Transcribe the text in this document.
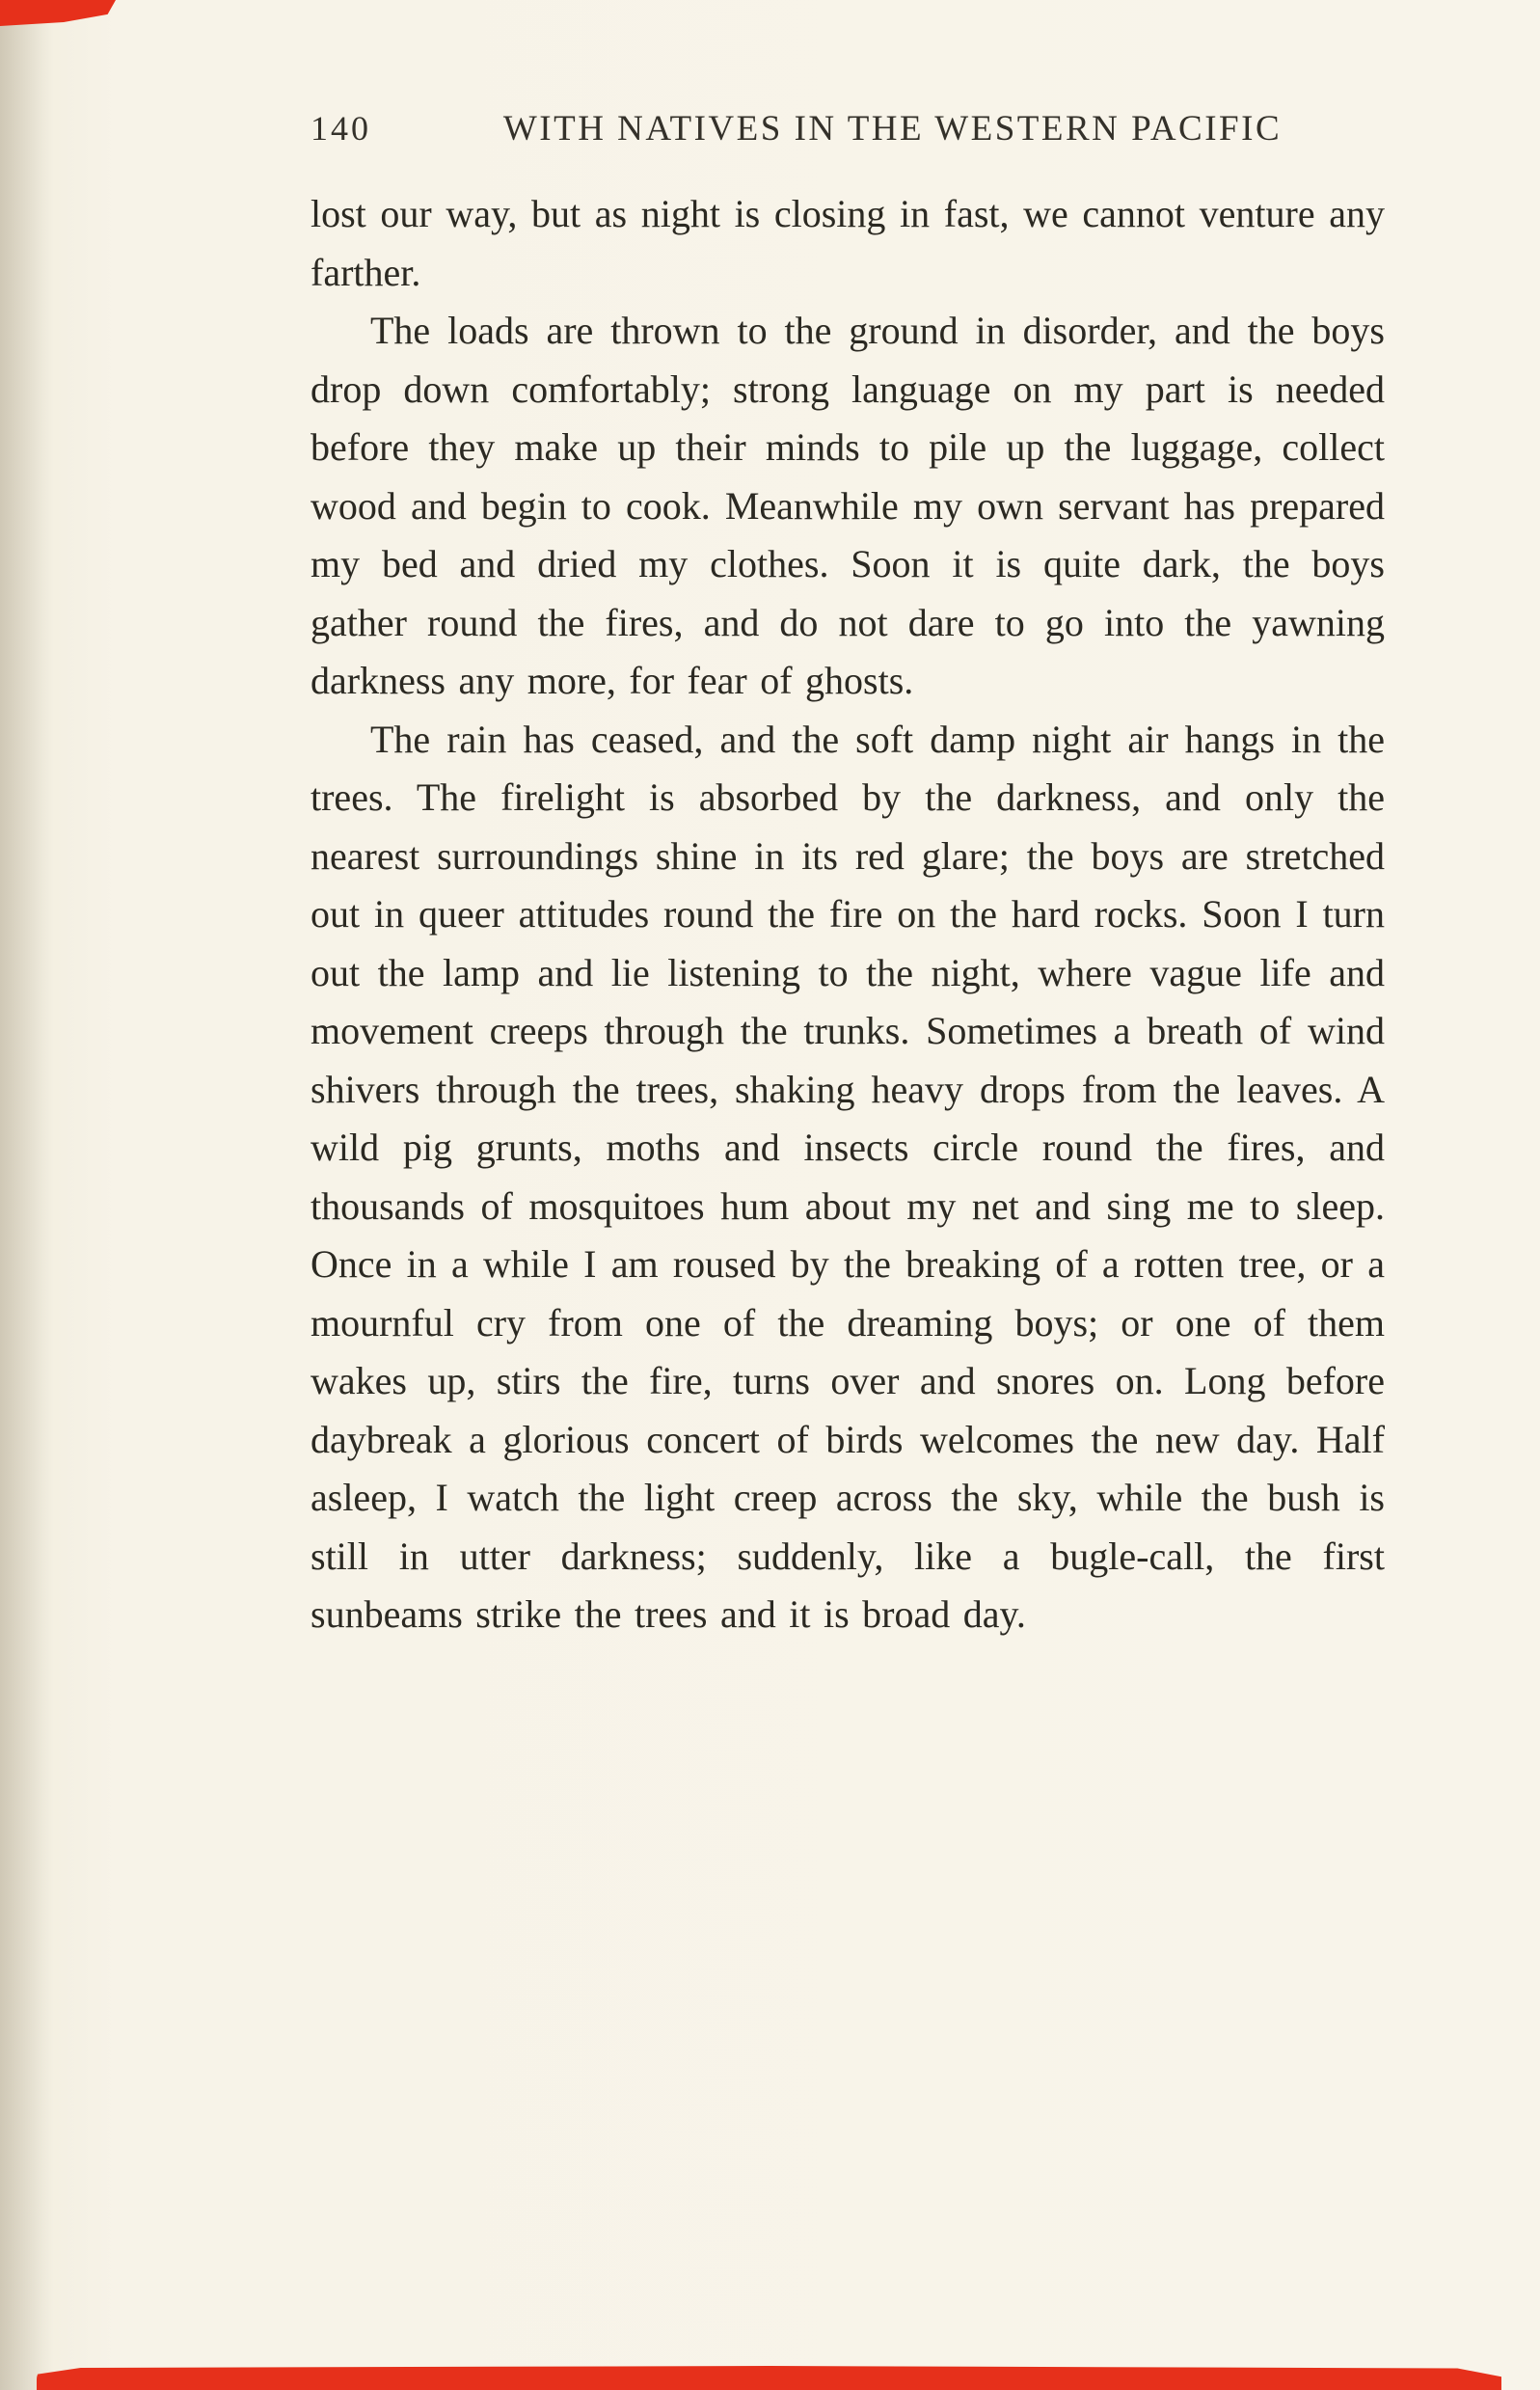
140	WITH NATIVES IN THE WESTERN PACIFIC

lost our way, but as night is closing in fast, we cannot venture any farther.

The loads are thrown to the ground in disorder, and the boys drop down comfortably; strong language on my part is needed before they make up their minds to pile up the luggage, collect wood and begin to cook. Meanwhile my own servant has prepared my bed and dried my clothes. Soon it is quite dark, the boys gather round the fires, and do not dare to go into the yawning darkness any more, for fear of ghosts.

The rain has ceased, and the soft damp night air hangs in the trees. The firelight is absorbed by the darkness, and only the nearest surroundings shine in its red glare; the boys are stretched out in queer attitudes round the fire on the hard rocks. Soon I turn out the lamp and lie listening to the night, where vague life and movement creeps through the trunks. Sometimes a breath of wind shivers through the trees, shaking heavy drops from the leaves. A wild pig grunts, moths and insects circle round the fires, and thousands of mosquitoes hum about my net and sing me to sleep. Once in a while I am roused by the breaking of a rotten tree, or a mournful cry from one of the dreaming boys; or one of them wakes up, stirs the fire, turns over and snores on. Long before daybreak a glorious concert of birds welcomes the new day. Half asleep, I watch the light creep across the sky, while the bush is still in utter darkness; suddenly, like a bugle-call, the first sunbeams strike the trees and it is broad day.
